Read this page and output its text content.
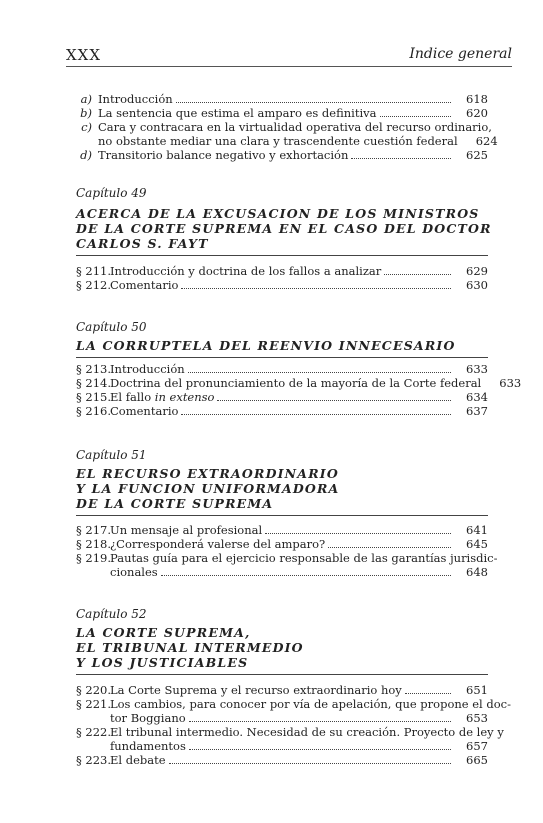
XXX	Indice general
a) Introducción	618
b) La sentencia que estima el amparo es definitiva	620
c) Cara y contracara en la virtualidad operativa del recurso ordinario,
no obstante mediar una clara y trascendente cuestión federal	624
d) Transitorio balance negativo y exhortación	625
Capítulo 49
ACERCA DE LA EXCUSACION DE LOS MINISTROS
DE LA CORTE SUPREMA EN EL CASO DEL DOCTOR
CARLOS S. FAYT
§ 211.Introducción y doctrina de los fallos a analizar	629
§ 212.Comentario	630
Capítulo 50
LA CORRUPTELA DEL REENVIO INNECESARIO
§ 213.Introducción	633
§ 214.Doctrina del pronunciamiento de la mayoría de la Corte federal	633
§ 215.El fallo in extenso	634
§ 216.Comentario	637
Capítulo 51
EL RECURSO EXTRAORDINARIO
Y LA FUNCION UNIFORMADORA
DE LA CORTE SUPREMA
§ 217.Un mensaje al profesional	641
§ 218.¿Corresponderá valerse del amparo?	645
§ 219.Pautas guía para el ejercicio responsable de las garantías jurisdic-
cionales	648
Capítulo 52
LA CORTE SUPREMA,
EL TRIBUNAL INTERMEDIO
Y LOS JUSTICIABLES
§ 220.La Corte Suprema y el recurso extraordinario hoy	651
§ 221.Los cambios, para conocer por vía de apelación, que propone el doc-
tor Boggiano	653
§ 222.El tribunal intermedio. Necesidad de su creación. Proyecto de ley y
fundamentos	657
§ 223.El debate	665
